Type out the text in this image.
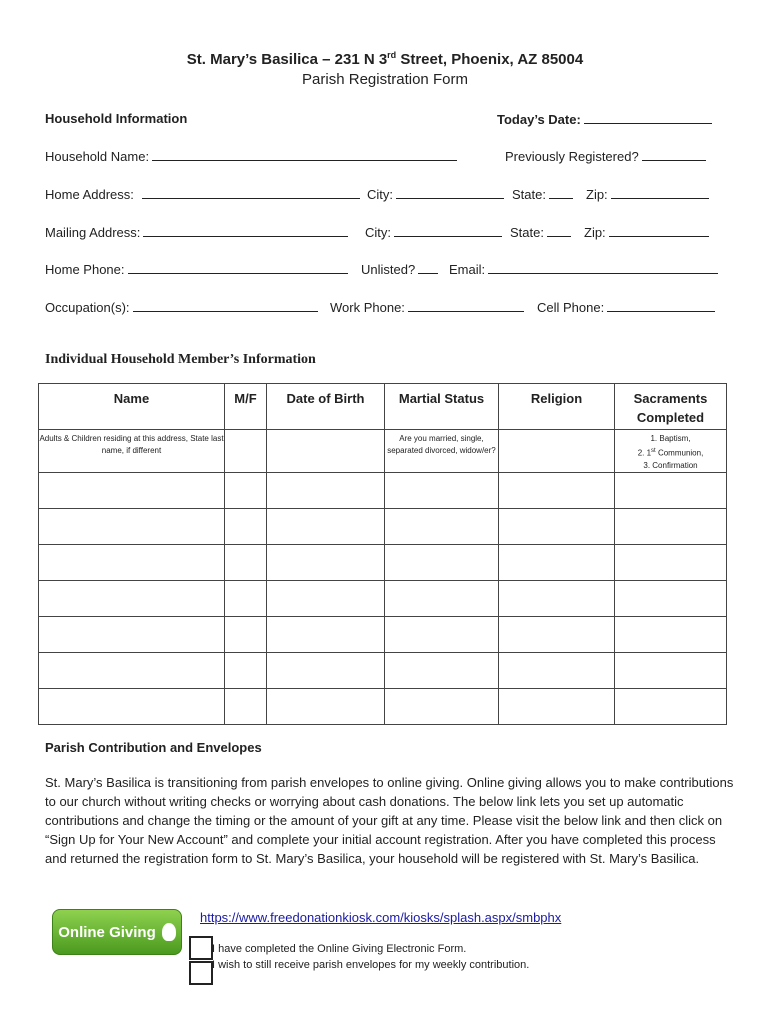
St. Mary’s Basilica – 231 N 3rd Street, Phoenix, AZ 85004
Parish Registration Form
Household Information	Today’s Date:
Household Name:	Previously Registered?
Home Address:	City:	State:	Zip:
Mailing Address:	City:	State:	Zip:
Home Phone:	Unlisted?	Email:
Occupation(s):	Work Phone:	Cell Phone:
Individual Household Member’s Information
Name	M/F	Date of Birth	Martial Status	Religion	Sacraments Completed
Adults & Children residing at this address, State last name, if different			Are you married, single, separated divorced, widow/er?		1. Baptism,
2. 1st Communion,
3. Confirmation

Parish Contribution and Envelopes
St. Mary’s Basilica is transitioning from parish envelopes to online giving. Online giving allows you to make contributions to our church without writing checks or worrying about cash donations. The below link lets you set up automatic contributions and change the timing or the amount of your gift at any time. Please visit the below link and then click on “Sign Up for Your New Account” and complete your initial account registration. After you have completed this process and returned the registration form to St. Mary’s Basilica, your household will be registered with St. Mary’s Basilica.
Online Giving
https://www.freedonationkiosk.com/kiosks/splash.aspx/smbphx
I have completed the Online Giving Electronic Form.
I wish to still receive parish envelopes for my weekly contribution.
